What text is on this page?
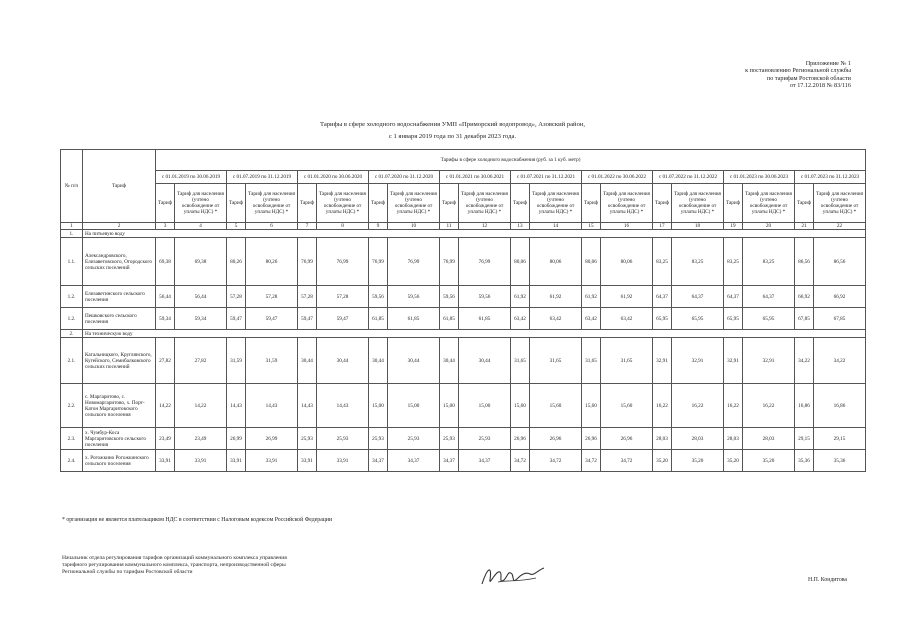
Приложение № 1
к постановлению Региональной службы
по тарифам Ростовской области
от 17.12.2018 № 83/116
Тарифы в сфере холодного водоснабжения УМП «Приморский водопровод», Азовский район,
с 1 января 2019 года по 31 декабря 2023 года.
№ п/п	Тариф	Тарифы в сфере холодного водоснабжения (руб. за 1 куб. метр)																			
		с 01.01.2019 по 30.06.2019		с 01.07.2019 по 31.12.2019		с 01.01.2020 по 30.06.2020		с 01.07.2020 по 31.12.2020		с 01.01.2021 по 30.06.2021		с 01.07.2021 по 31.12.2021		с 01.01.2022 по 30.06.2022		с 01.07.2022 по 31.12.2022		с 01.01.2023 по 30.06.2023		с 01.07.2023 по 31.12.2023	
		Тариф	Тариф для населения (учтено освобождение от уплаты НДС) *	Тариф	Тариф для населения (учтено освобождение от уплаты НДС) *	Тариф	Тариф для населения (учтено освобождение от уплаты НДС) *	Тариф	Тариф для населения (учтено освобождение от уплаты НДС) *	Тариф	Тариф для населения (учтено освобождение от уплаты НДС) *	Тариф	Тариф для населения (учтено освобождение от уплаты НДС) *	Тариф	Тариф для населения (учтено освобождение от уплаты НДС) *	Тариф	Тариф для населения (учтено освобождение от уплаты НДС) *	Тариф	Тариф для населения (учтено освобождение от уплаты НДС) *	Тариф	Тариф для населения (учтено освобождение от уплаты НДС) *
1	2	3	4	5	6	7	8	9	10	11	12	13	14	15	16	17	18	19	20	21	22
1.	На питьевую воду																				
1.1.	Александровского, Елизаветовского, Огородского сельских поселений	69,38	69,38	80,26	80,26	76,99	76,99	76,99	76,99	76,99	76,99	80,06	80,06	80,06	80,06	83,25	83,25	83,25	83,25	86,56	86,56
1.2.	Елизаветинского сельского поселения	56,44	56,44	57,28	57,28	57,28	57,28	59,56	59,56	59,56	59,56	61,92	61,92	61,92	61,92	64,37	64,37	64,37	64,37	66,92	66,92
1.2.	Пешковского сельского поселения	59,34	59,34	59,47	59,47	59,47	59,47	61,85	61,85	61,85	61,85	63,42	63,42	63,42	63,42	65,95	65,95	65,95	65,95	67,85	67,85
2.	На техническую воду																				
2.1.	Кагальницкого, Круглянского, Кугейского, Семибалковского сельских поселений	27,82	27,82	31,59	31,59	30,44	30,44	30,44	30,44	30,44	30,44	31,65	31,65	31,65	31,65	32,91	32,91	32,91	32,91	34,22	34,22
2.2.	с. Маргаритово, с. Новомаргаритово, х. Порт-Катон Маргаритовского сельского поселения	14,22	14,22	14,43	14,43	14,43	14,43	15,00	15,00	15,00	15,00	15,60	15,60	15,60	15,60	16,22	16,22	16,22	16,22	16,86	16,86
2.3.	х. Чумбур-Коса Маргаритовского сельского поселения	23,49	23,49	26,99	26,99	25,93	25,93	25,93	25,93	25,93	25,93	26,96	26,96	26,96	26,96	28,03	28,03	28,03	28,03	29,15	29,15
2.4.	х. Рогожкино Рогожкинского сельского поселения	33,91	33,91	33,91	33,91	33,91	33,91	34,37	34,37	34,37	34,37	34,72	34,72	34,72	34,72	35,20	35,20	35,20	35,20	35,36	35,36
* организация не является плательщиком НДС в соответствии с Налоговым кодексом Российской Федерации
Начальник отдела регулирования тарифов организаций коммунального комплекса управления тарифного регулирования коммунального комплекса, транспорта, непроизводственной сферы Региональной службы по тарифам Ростовской области
Н.П. Кондитова
